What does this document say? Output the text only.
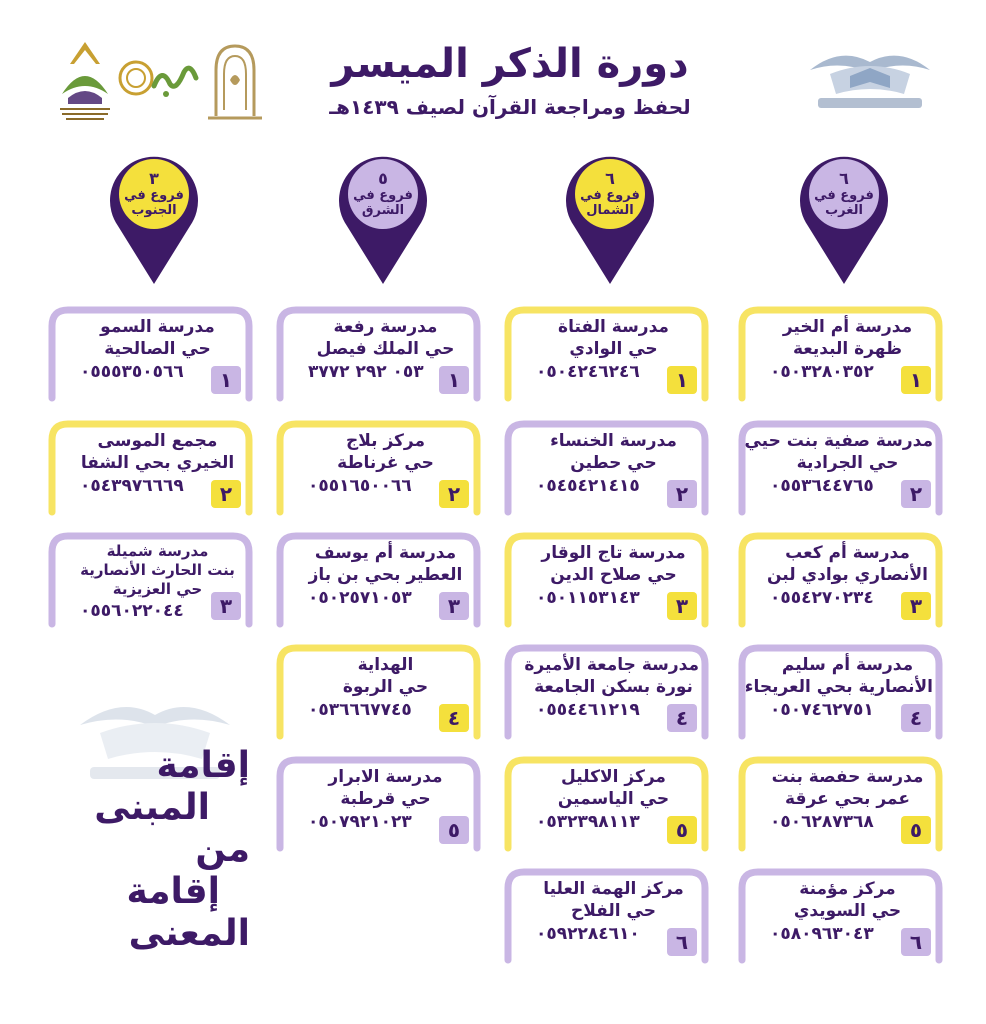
دورة الذكر الميسر
لحفظ ومراجعة القرآن لصيف ١٤٣٩هـ
٣
فروع في الجنوب
٥
فروع في الشرق
٦
فروع في الشمال
٦
فروع في الغرب
مدرسة السمو
حي الصالحية
٠٥٥٥٣٥٠٥٦٦	١
مجمع الموسى
الخيري بحي الشفا
٠٥٤٣٩٧٦٦٦٩	٢
مدرسة شميلة
بنت الحارث الأنصارية
حي العزيزية
٠٥٥٦٠٢٢٠٤٤	٣
مدرسة رفعة
حي الملك فيصل
٠٥٣ ٢٩٢ ٣٧٧٢	١
مركز بلاج
حي غرناطة
٠٥٥١٦٥٠٠٦٦	٢
مدرسة أم يوسف
العطير بحي بن باز
٠٥٠٢٥٧١٠٥٣	٣
الهداية
حي الربوة
٠٥٣٦٦٦٧٧٤٥	٤
مدرسة الابرار
حي قرطبة
٠٥٠٧٩٢١٠٢٣	٥
مدرسة الفتاة
حي الوادي
٠٥٠٤٢٤٦٢٤٦	١
مدرسة الخنساء
حي حطين
٠٥٤٥٤٢١٤١٥	٢
مدرسة تاج الوقار
حي صلاح الدين
٠٥٠١١٥٣١٤٣	٣
مدرسة جامعة الأميرة
نورة بسكن الجامعة
٠٥٥٤٤٦١٢١٩	٤
مركز الاكليل
حي الياسمين
٠٥٣٢٣٩٨١١٣	٥
مركز الهمة العليا
حي الفلاح
٠٥٩٢٢٨٤٦١٠	٦
مدرسة أم الخير
ظهرة البديعة
٠٥٠٣٢٨٠٣٥٢	١
مدرسة صفية بنت حيي
حي الجرادية
٠٥٥٣٦٤٤٧٦٥	٢
مدرسة أم كعب
الأنصاري بوادي لبن
٠٥٥٤٢٧٠٢٣٤	٣
مدرسة أم سليم
الأنصارية بحي العريجاء
٠٥٠٧٤٦٢٧٥١	٤
مدرسة حفصة بنت
عمر بحي عرقة
٠٥٠٦٢٨٧٣٦٨	٥
مركز مؤمنة
حي السويدي
٠٥٨٠٩٦٣٠٤٣	٦
إقامة
المبنى
من
إقامة
المعنى
